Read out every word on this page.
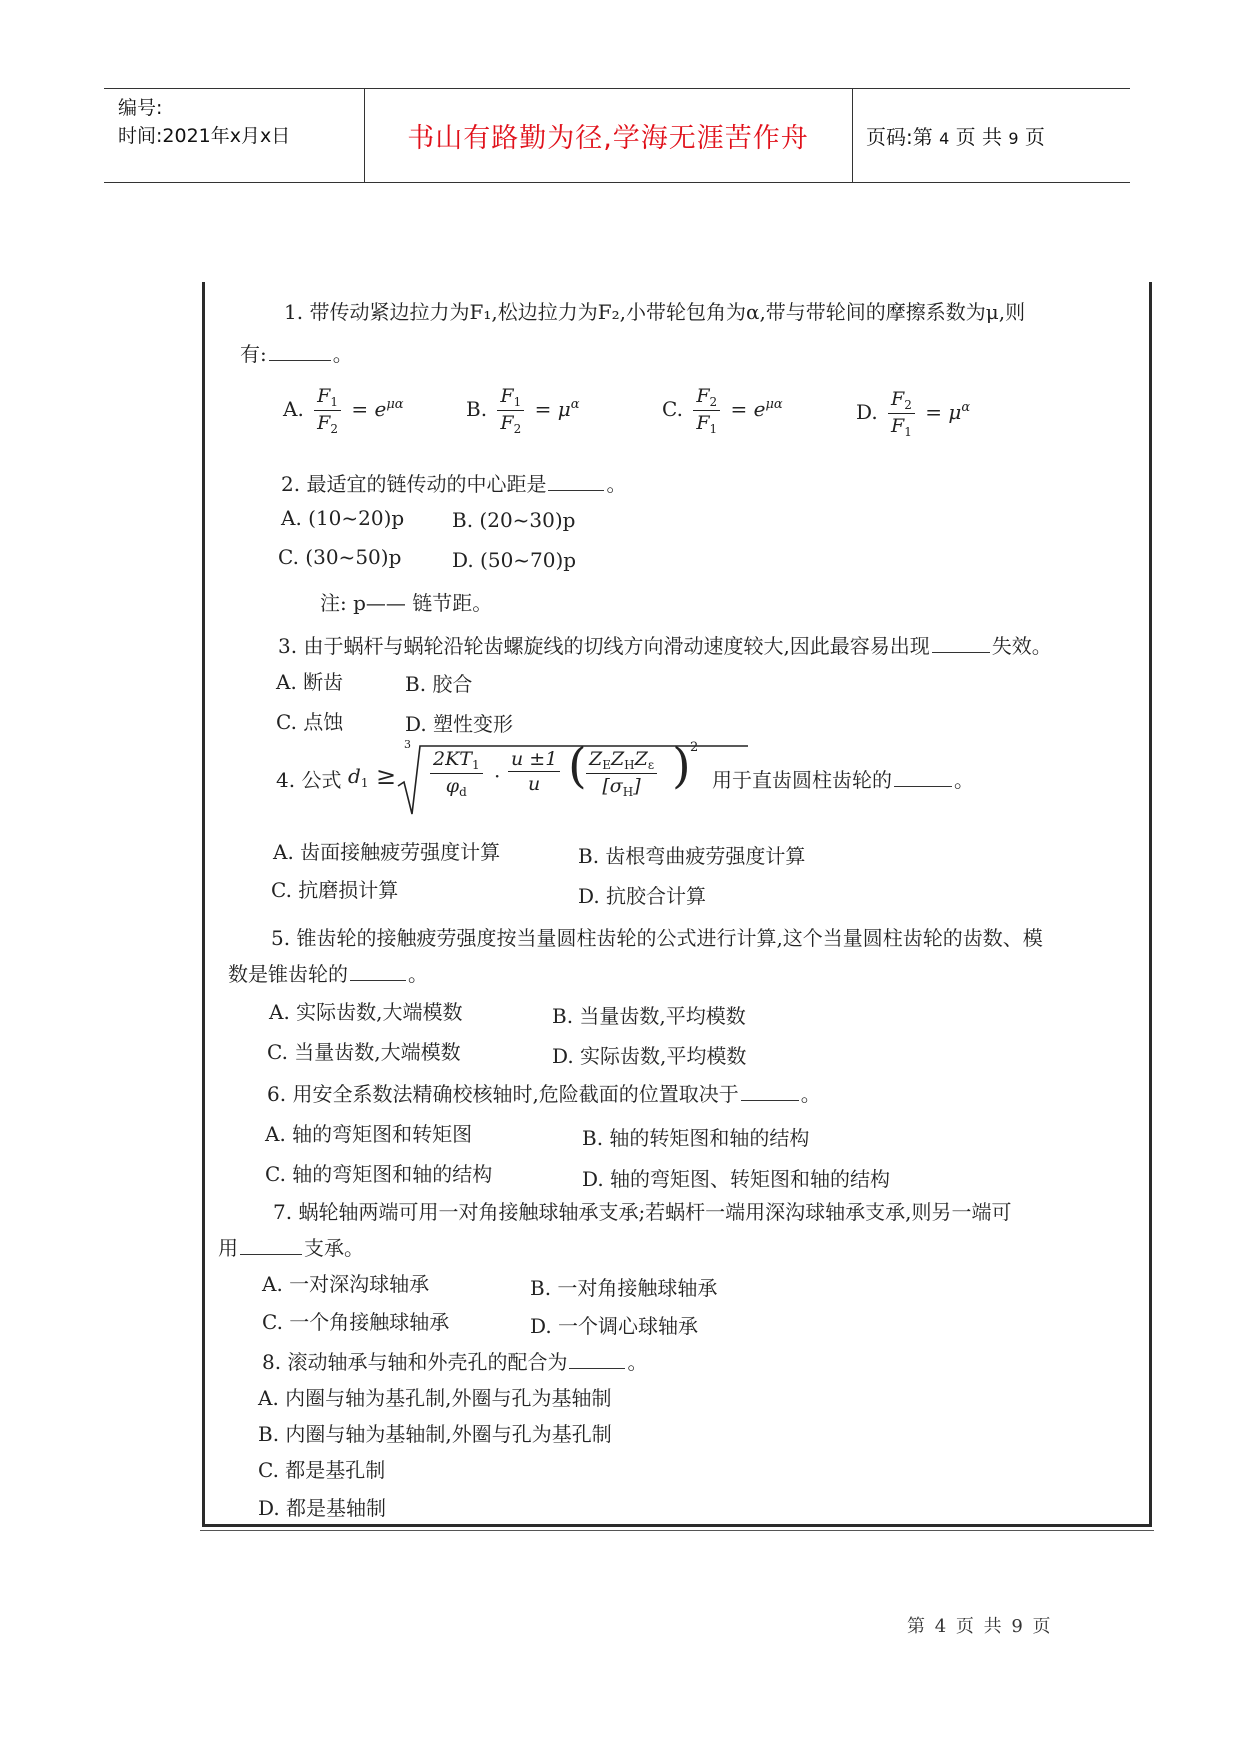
编号:
时间:2021年x月x日	书山有路勤为径,学海无涯苦作舟	页码:第 4 页 共 9 页
1. 带传动紧边拉力为F₁,松边拉力为F₂,小带轮包角为α,带与带轮间的摩擦系数为μ,则
有:	。
A. $\frac{F_1}{F_2} = e^{\mu\alpha}$	B. $\frac{F_1}{F_2} = \mu^\alpha$	C. $\frac{F_2}{F_1} = e^{\mu\alpha}$	D. $\frac{F_2}{F_1} = \mu^\alpha$
2. 最适宜的链传动的中心距是	。
A. (10~20)p B. (20~30)p
C. (30~50)p	D. (50~70)p
注: p—— 链节距。
3. 由于蜗杆与蜗轮沿轮齿螺旋线的切线方向滑动速度较大,因此最容易出现	失效。
A. 断齿	B. 胶合
C. 点蚀	D. 塑性变形
4. 公式 $d_1$ ≥
3
$\frac{2KT_1}{\varphi_d} \cdot \frac{u \pm 1}{u}$ ( $Z_EZ_HZ_\varepsilon$
$[\sigma_H]$ ) 2
用于直齿圆柱齿轮的	。
A. 齿面接触疲劳强度计算	B. 齿根弯曲疲劳强度计算
C. 抗磨损计算	D. 抗胶合计算
5. 锥齿轮的接触疲劳强度按当量圆柱齿轮的公式进行计算,这个当量圆柱齿轮的齿数、模
数是锥齿轮的	。
A. 实际齿数,大端模数	B. 当量齿数,平均模数
C. 当量齿数,大端模数	D. 实际齿数,平均模数
6. 用安全系数法精确校核轴时,危险截面的位置取决于	。
A. 轴的弯矩图和转矩图	B. 轴的转矩图和轴的结构
C. 轴的弯矩图和轴的结构	D. 轴的弯矩图、转矩图和轴的结构
7. 蜗轮轴两端可用一对角接触球轴承支承;若蜗杆一端用深沟球轴承支承,则另一端可
用	支承。
A. 一对深沟球轴承	B. 一对角接触球轴承
C. 一个角接触球轴承	D. 一个调心球轴承
8. 滚动轴承与轴和外壳孔的配合为	。
A. 内圈与轴为基孔制,外圈与孔为基轴制
B. 内圈与轴为基轴制,外圈与孔为基孔制
C. 都是基孔制
D. 都是基轴制
第 4 页 共 9 页
